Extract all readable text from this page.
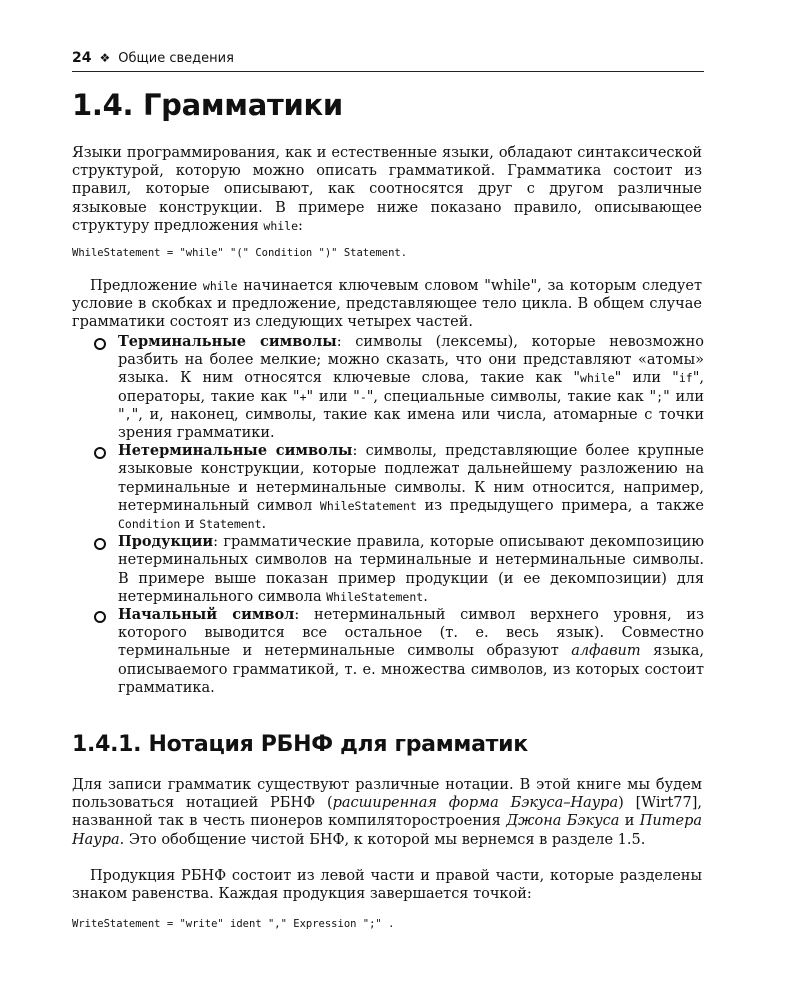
24 ❖ Общие сведения
1.4. Грамматики

Языки программирования, как и естественные языки, обладают синтаксической структурой, которую можно описать грамматикой. Грамматика состоит из правил, которые описывают, как соотносятся друг с другом различные языковые конструкции. В примере ниже показано правило, описывающее структуру предложения while:

WhileStatement = "while" "(" Condition ")" Statement.

Предложение while начинается ключевым словом "while", за которым следует условие в скобках и предложение, представляющее тело цикла. В общем случае грамматики состоят из следующих четырех частей.

Терминальные символы: символы (лексемы), которые невозможно разбить на более мелкие; можно сказать, что они представляют «атомы» языка. К ним относятся ключевые слова, такие как "while" или "if", операторы, такие как "+" или "-", специальные символы, такие как ";" или ",", и, наконец, символы, такие как имена или числа, атомарные с точки зрения грамматики.
Нетерминальные символы: символы, представляющие более крупные языковые конструкции, которые подлежат дальнейшему разложению на терминальные и нетерминальные символы. К ним относится, например, нетерминальный символ WhileStatement из предыдущего примера, а также Condition и Statement.
Продукции: грамматические правила, которые описывают декомпозицию нетерминальных символов на терминальные и нетерминальные символы. В примере выше показан пример продукции (и ее декомпозиции) для нетерминального символа WhileStatement.
Начальный символ: нетерминальный символ верхнего уровня, из которого выводится все остальное (т. е. весь язык). Совместно терминальные и нетерминальные символы образуют алфавит языка, описываемого грамматикой, т. е. множества символов, из которых состоит грамматика.
1.4.1. Нотация РБНФ для грамматик

Для записи грамматик существуют различные нотации. В этой книге мы будем пользоваться нотацией РБНФ (расширенная форма Бэкуса–Наура) [Wirt77], названной так в честь пионеров компиляторостроения Джона Бэкуса и Питера Наура. Это обобщение чистой БНФ, к которой мы вернемся в разделе 1.5.

Продукция РБНФ состоит из левой части и правой части, которые разделены знаком равенства. Каждая продукция завершается точкой:

WriteStatement = "write" ident "," Expression ";" .
